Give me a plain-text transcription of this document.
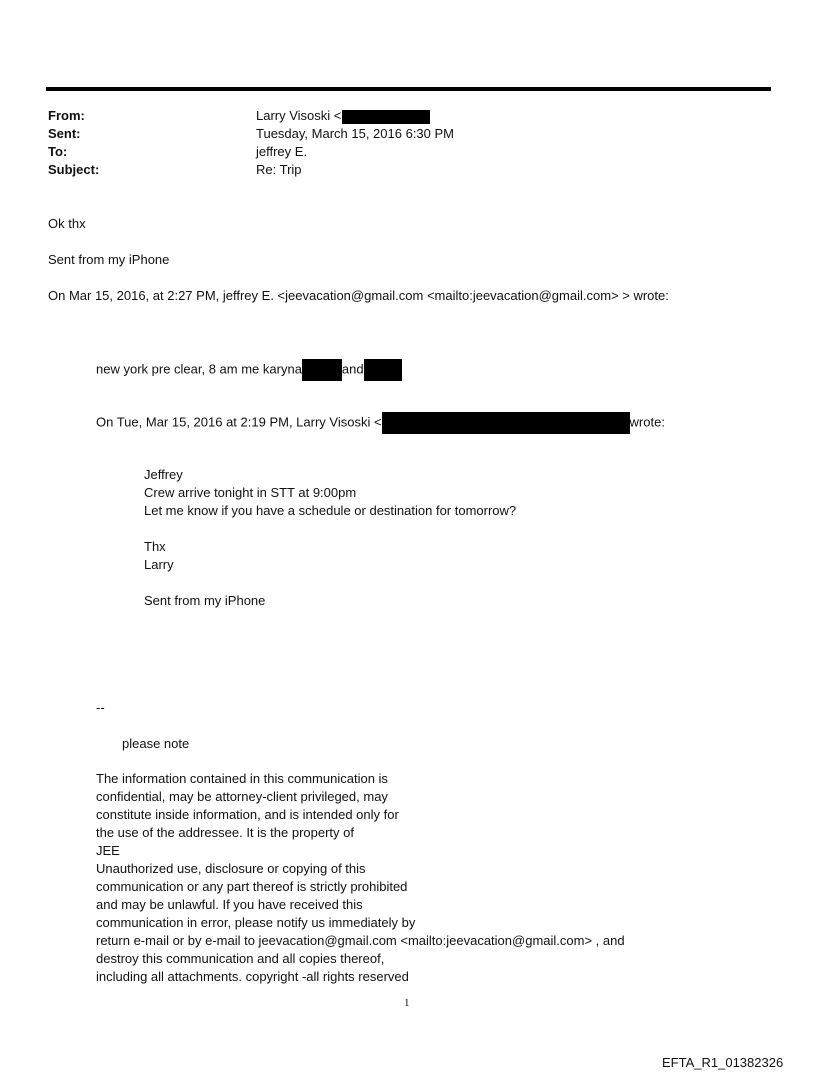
From:	Larry Visoski <
Sent:	Tuesday, March 15, 2016 6:30 PM
To:	jeffrey E.
Subject:	Re: Trip
Ok thx
Sent from my iPhone
On Mar 15, 2016, at 2:27 PM, jeffrey E. <jeevacation@gmail.com <mailto:jeevacation@gmail.com> > wrote:
new york pre clear, 8 am me karyna	and
On Tue, Mar 15, 2016 at 2:19 PM, Larry Visoski <	wrote:
Jeffrey
Crew arrive tonight in STT at 9:00pm
Let me know if you have a schedule or destination for tomorrow?
Thx
Larry
Sent from my iPhone
--
please note
The information contained in this communication is
confidential, may be attorney-client privileged, may
constitute inside information, and is intended only for
the use of the addressee. It is the property of
JEE
Unauthorized use, disclosure or copying of this
communication or any part thereof is strictly prohibited
and may be unlawful. If you have received this
communication in error, please notify us immediately by
return e-mail or by e-mail to jeevacation@gmail.com <mailto:jeevacation@gmail.com> , and
destroy this communication and all copies thereof,
including all attachments. copyright -all rights reserved
1
EFTA_R1_01382326
